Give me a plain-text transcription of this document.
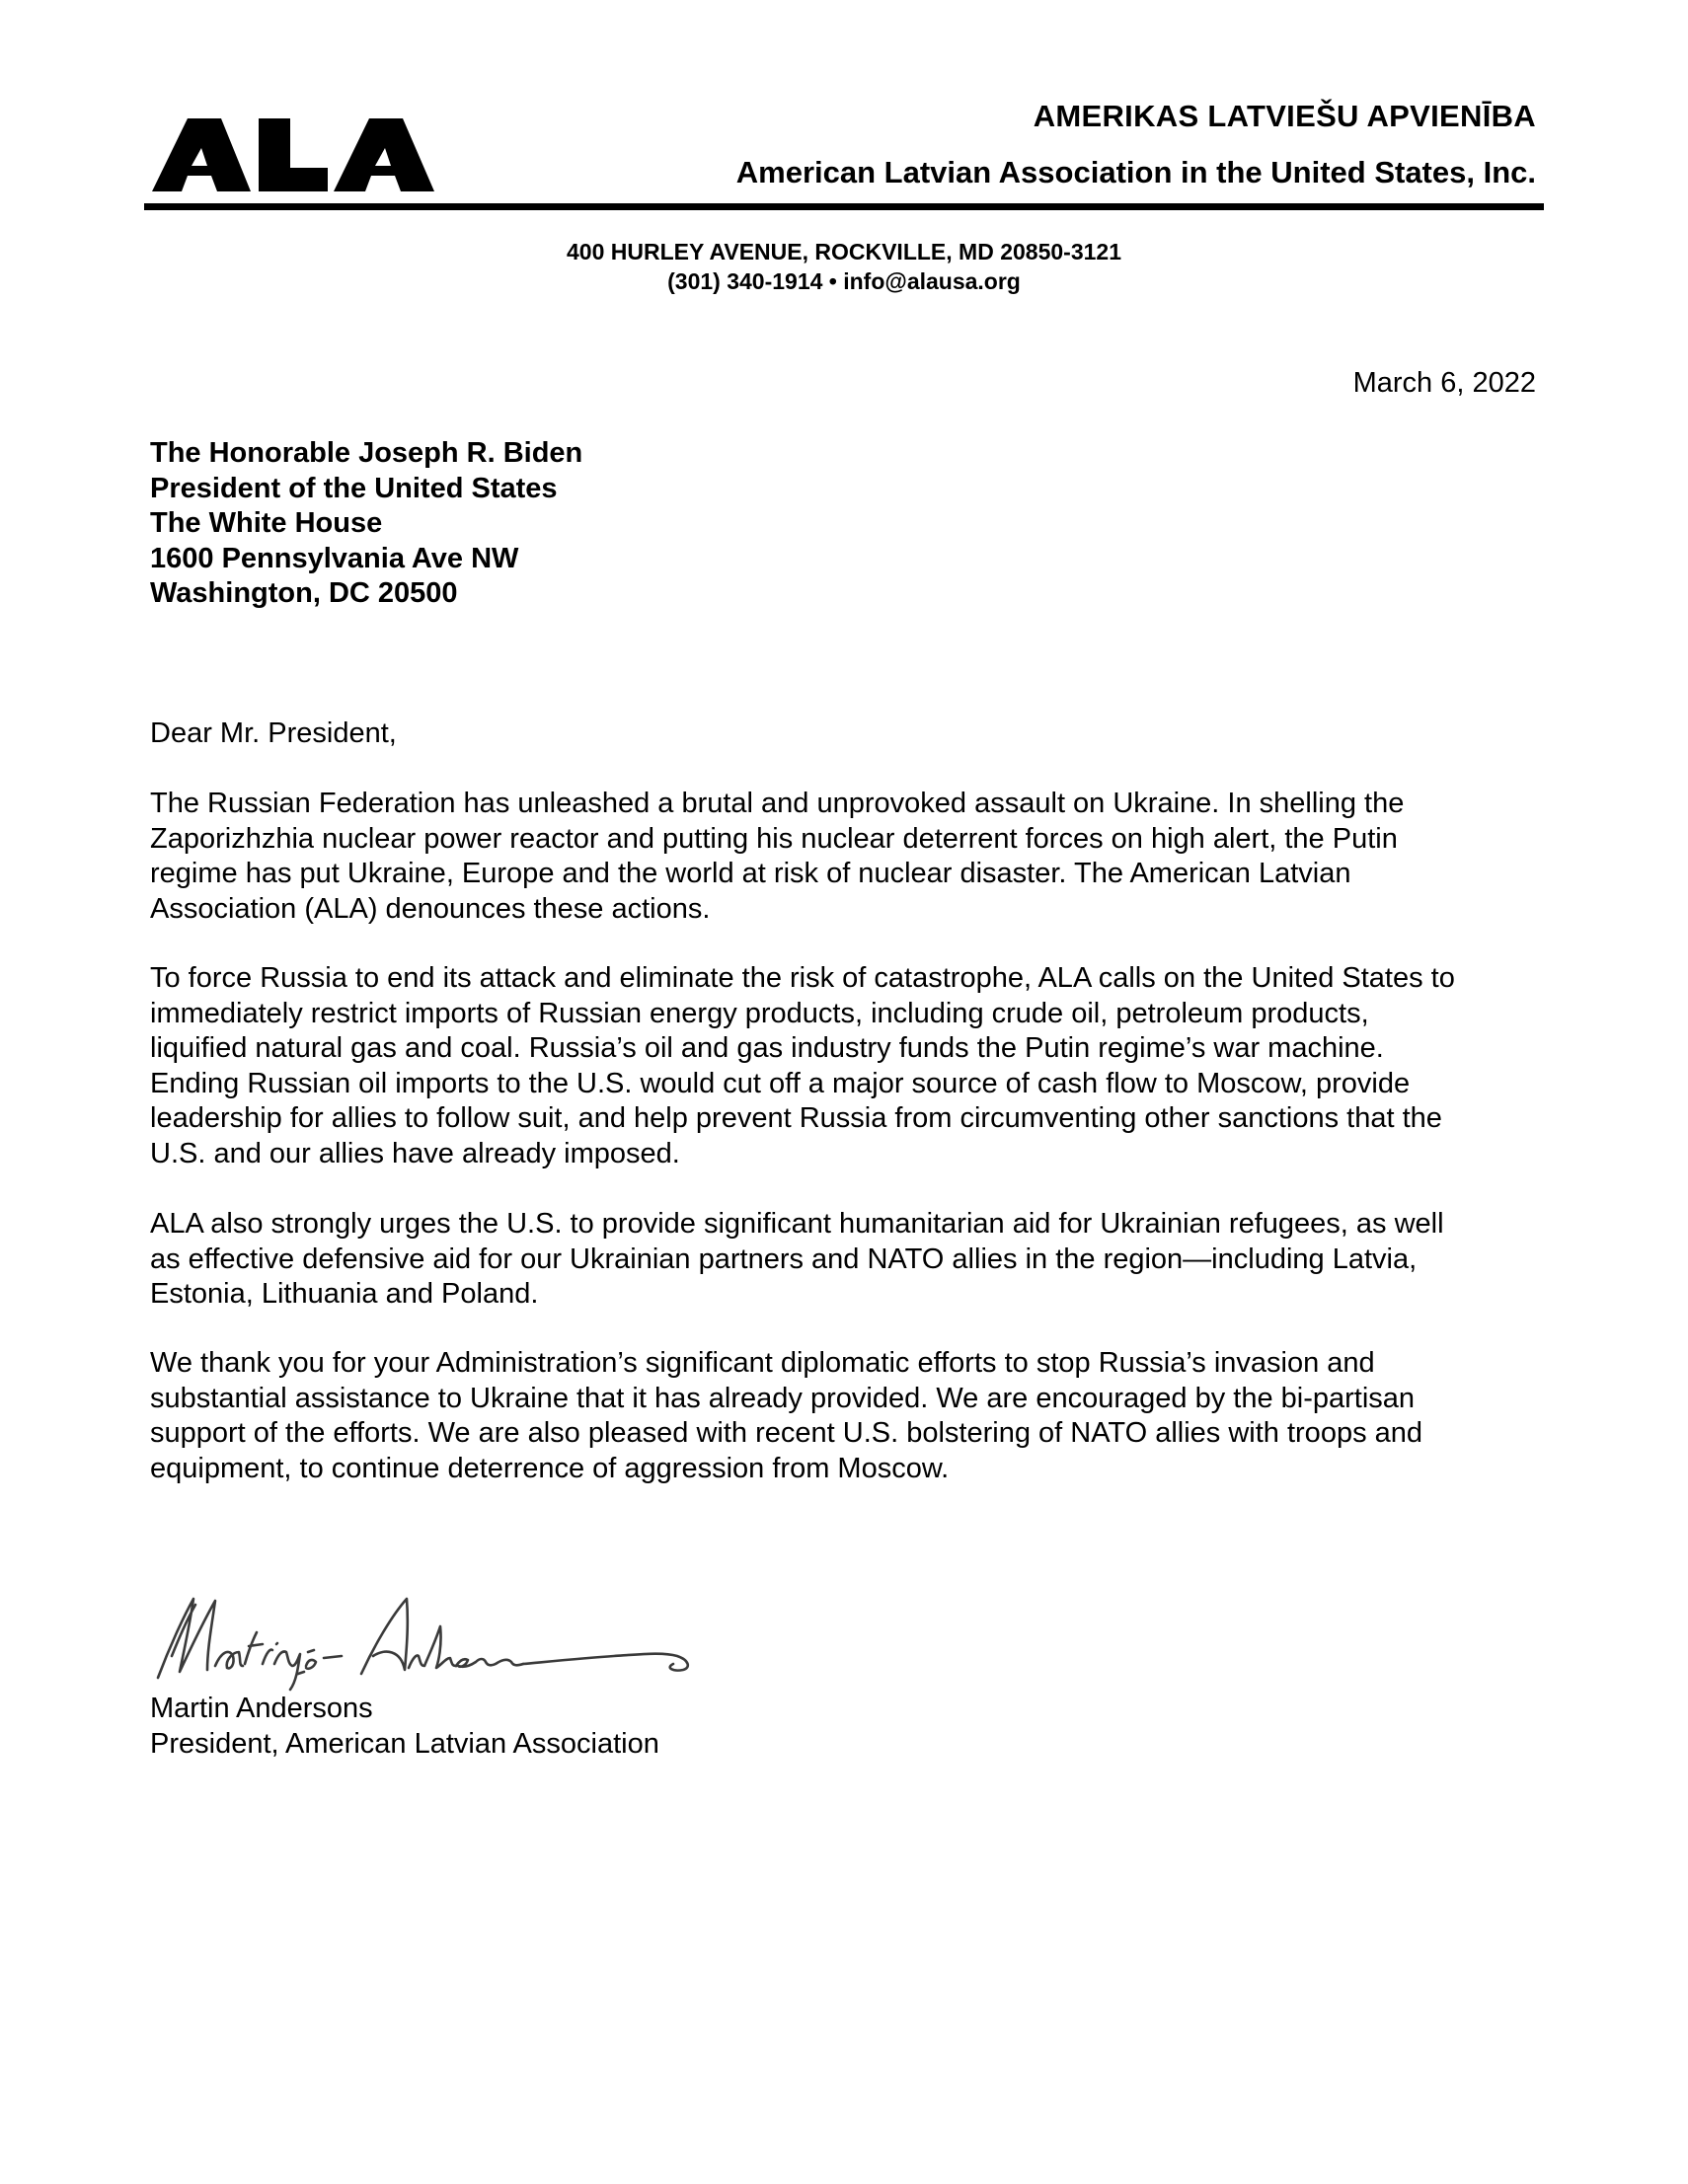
AMERIKAS LATVIEŠU APVIENĪBA
American Latvian Association in the United States, Inc.
400 HURLEY AVENUE, ROCKVILLE, MD 20850-3121
(301) 340-1914 • info@alausa.org
March 6, 2022
The Honorable Joseph R. Biden
President of the United States
The White House
1600 Pennsylvania Ave NW
Washington, DC 20500
Dear Mr. President,
The Russian Federation has unleashed a brutal and unprovoked assault on Ukraine. In shelling the
Zaporizhzhia nuclear power reactor and putting his nuclear deterrent forces on high alert, the Putin
regime has put Ukraine, Europe and the world at risk of nuclear disaster. The American Latvian
Association (ALA) denounces these actions.
To force Russia to end its attack and eliminate the risk of catastrophe, ALA calls on the United States to
immediately restrict imports of Russian energy products, including crude oil, petroleum products,
liquified natural gas and coal. Russia’s oil and gas industry funds the Putin regime’s war machine.
Ending Russian oil imports to the U.S. would cut off a major source of cash flow to Moscow, provide
leadership for allies to follow suit, and help prevent Russia from circumventing other sanctions that the
U.S. and our allies have already imposed.
ALA also strongly urges the U.S. to provide significant humanitarian aid for Ukrainian refugees, as well
as effective defensive aid for our Ukrainian partners and NATO allies in the region—including Latvia,
Estonia, Lithuania and Poland.
We thank you for your Administration’s significant diplomatic efforts to stop Russia’s invasion and
substantial assistance to Ukraine that it has already provided. We are encouraged by the bi-partisan
support of the efforts. We are also pleased with recent U.S. bolstering of NATO allies with troops and
equipment, to continue deterrence of aggression from Moscow.
Martin Andersons
President, American Latvian Association
